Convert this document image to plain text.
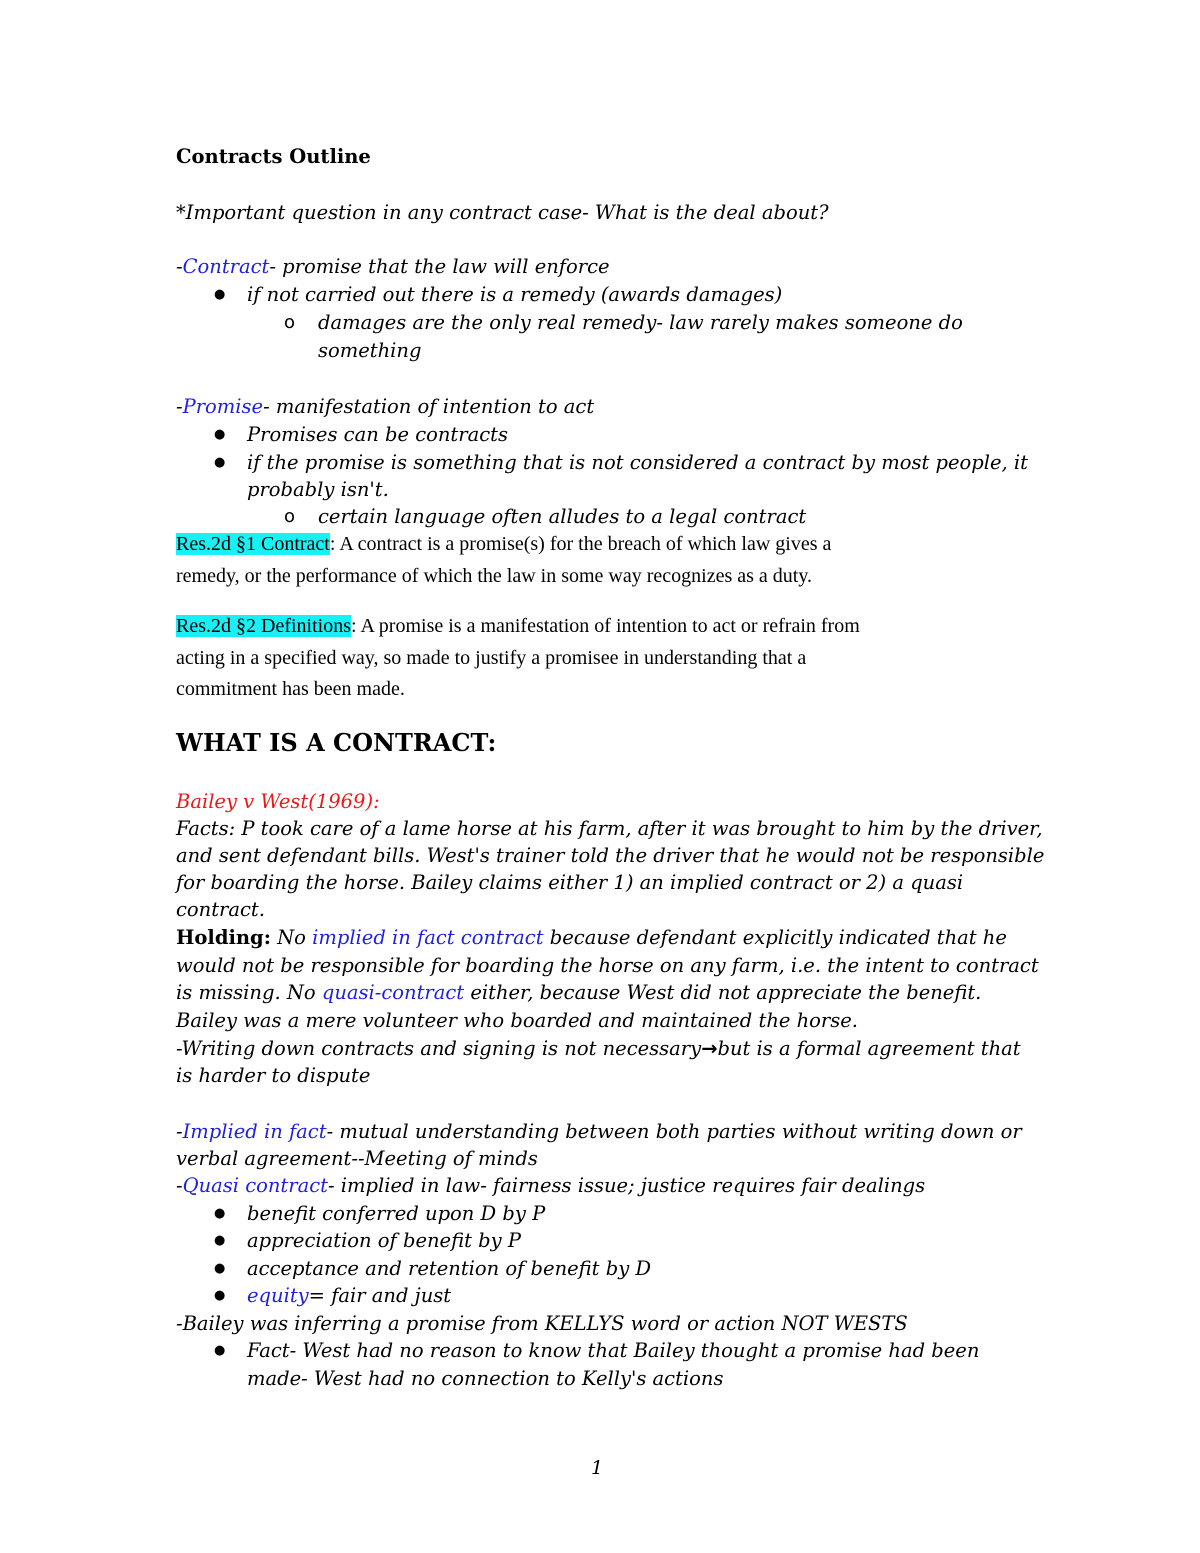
Contracts Outline
*Important question in any contract case- What is the deal about?
-Contract- promise that the law will enforce
● if not carried out there is a remedy (awards damages)
o damages are the only real remedy- law rarely makes someone do
something
-Promise- manifestation of intention to act
● Promises can be contracts
● if the promise is something that is not considered a contract by most people, it
probably isn't.
o certain language often alludes to a legal contract
Res.2d §1 Contract: A contract is a promise(s) for the breach of which law gives a
remedy, or the performance of which the law in some way recognizes as a duty.
Res.2d §2 Definitions: A promise is a manifestation of intention to act or refrain from
acting in a specified way, so made to justify a promisee in understanding that a
commitment has been made.
WHAT IS A CONTRACT:
Bailey v West(1969):
Facts: P took care of a lame horse at his farm, after it was brought to him by the driver,
and sent defendant bills. West's trainer told the driver that he would not be responsible
for boarding the horse. Bailey claims either 1) an implied contract or 2) a quasi
contract.
Holding: No implied in fact contract because defendant explicitly indicated that he
would not be responsible for boarding the horse on any farm, i.e. the intent to contract
is missing. No quasi-contract either, because West did not appreciate the benefit.
Bailey was a mere volunteer who boarded and maintained the horse.
-Writing down contracts and signing is not necessary→but is a formal agreement that
is harder to dispute
-Implied in fact- mutual understanding between both parties without writing down or
verbal agreement--Meeting of minds
-Quasi contract- implied in law- fairness issue; justice requires fair dealings
● benefit conferred upon D by P
● appreciation of benefit by P
● acceptance and retention of benefit by D
● equity= fair and just
-Bailey was inferring a promise from KELLYS word or action NOT WESTS
● Fact- West had no reason to know that Bailey thought a promise had been
made- West had no connection to Kelly's actions
1
